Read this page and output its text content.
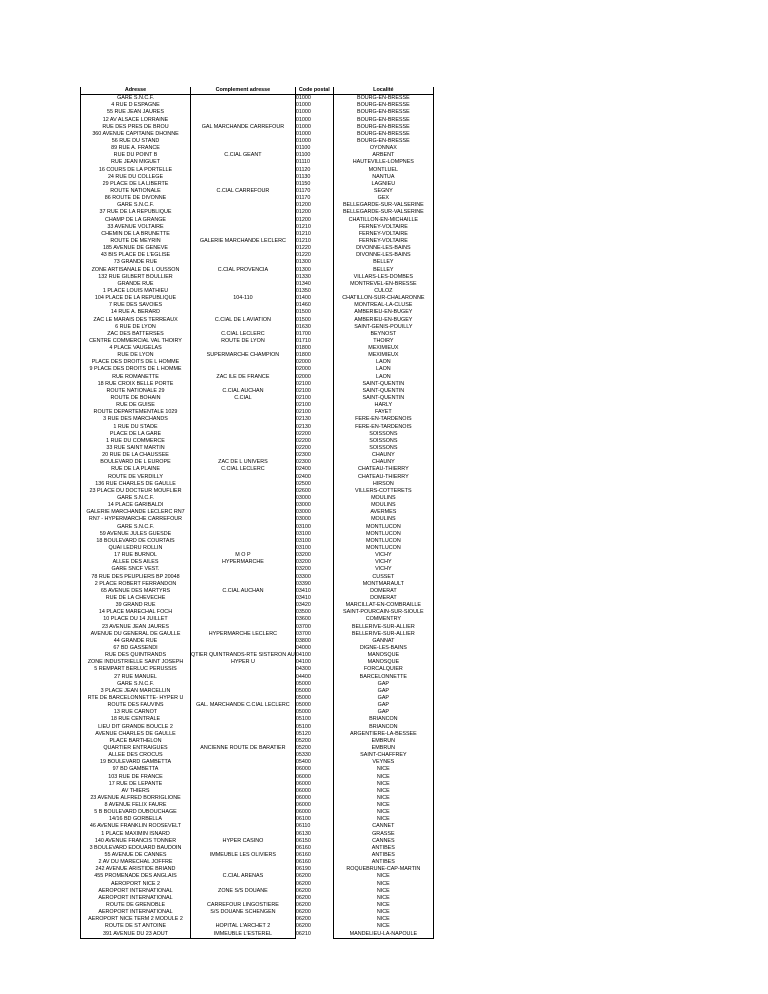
Adresse	Complement adresse	Code postal		Localité
GARE S.N.C.F.		01000		BOURG-EN-BRESSE
4 RUE D ESPAGNE		01000		BOURG-EN-BRESSE
55 RUE JEAN JAURES		01000		BOURG-EN-BRESSE
12 AV ALSACE LORRAINE		01000		BOURG-EN-BRESSE
RUE DES PRES DE BROU	GAL MARCHANDE CARREFOUR	01000		BOURG-EN-BRESSE
360 AVENUE CAPITAINE DHONNE		01000		BOURG-EN-BRESSE
56 RUE DU STAND		01000		BOURG-EN-BRESSE
89 RUE A. FRANCE		01100		OYONNAX
RUE DU POINT B	C.CIAL GEANT	01100		ARBENT
RUE JEAN MIGUET		01110		HAUTEVILLE-LOMPNES
16 COURS DE LA PORTELLE		01120		MONTLUEL
24 RUE DU COLLEGE		01130		NANTUA
29 PLACE DE LA LIBERTE		01150		LAGNIEU
ROUTE NATIONALE	C.CIAL CARREFOUR	01170		SEGNY
86 ROUTE DE DIVONNE		01170		GEX
GARE S.N.C.F.		01200		BELLEGARDE-SUR-VALSERINE
37 RUE DE LA REPUBLIQUE		01200		BELLEGARDE-SUR-VALSERINE
CHAMP DE LA GRANGE		01200		CHATILLON-EN-MICHAILLE
33 AVENUE VOLTAIRE		01210		FERNEY-VOLTAIRE
CHEMIN DE LA BRUNETTE		01210		FERNEY-VOLTAIRE
ROUTE DE MEYRIN	GALERIE MARCHANDE LECLERC	01210		FERNEY-VOLTAIRE
185 AVENUE DE GENEVE		01220		DIVONNE-LES-BAINS
43 BIS PLACE DE L'EGLISE		01220		DIVONNE-LES-BAINS
73 GRANDE RUE		01300		BELLEY
ZONE ARTISANALE DE L OUSSON	C.CIAL PROVENCIA	01300		BELLEY
132 RUE GILBERT BOULLIER		01330		VILLARS-LES-DOMBES
GRANDE RUE		01340		MONTREVEL-EN-BRESSE
1 PLACE LOUIS MATHIEU		01350		CULOZ
104 PLACE DE LA REPUBLIQUE	104-110	01400		CHATILLON-SUR-CHALARONNE
7 RUE DES SAVOIES		01460		MONTREAL-LA-CLUSE
14 RUE A. BERARD		01500		AMBERIEU-EN-BUGEY
ZAC LE MARAIS DES TERREAUX	C.CIAL DE L AVIATION	01500		AMBERIEU-EN-BUGEY
6 RUE DE LYON		01630		SAINT-GENIS-POUILLY
ZAC DES BATTERSES	C.CIAL LECLERC	01700		BEYNOST
CENTRE COMMERCIAL VAL THOIRY	ROUTE DE LYON	01710		THOIRY
4 PLACE VAUGELAS		01800		MEXIMIEUX
RUE DE LYON	SUPERMARCHE CHAMPION	01800		MEXIMIEUX
PLACE DES DROITS DE L HOMME		02000		LAON
9 PLACE DES DROITS DE L HOMME		02000		LAON
RUE ROMANETTE	ZAC ILE DE FRANCE	02000		LAON
18 RUE CROIX BELLE PORTE		02100		SAINT-QUENTIN
ROUTE NATIONALE 29	C.CIAL AUCHAN	02100		SAINT-QUENTIN
ROUTE DE BOHAIN	C.CIAL	02100		SAINT-QUENTIN
RUE DE GUISE		02100		HARLY
ROUTE DEPARTEMENTALE 1029		02100		FAYET
3 RUE DES MARCHANDS		02130		FERE-EN-TARDENOIS
1 RUE DU STADE		02130		FERE-EN-TARDENOIS
PLACE DE LA GARE		02200		SOISSONS
1 RUE DU COMMERCE		02200		SOISSONS
33 RUE SAINT MARTIN		02200		SOISSONS
20 RUE DE LA CHAUSSEE		02300		CHAUNY
BOULEVARD DE L EUROPE	ZAC DE L UNIVERS	02300		CHAUNY
RUE DE LA PLAINE	C.CIAL LECLERC	02400		CHATEAU-THIERRY
ROUTE DE VERDILLY		02400		CHATEAU-THIERRY
136 RUE CHARLES DE GAULLE		02500		HIRSON
23 PLACE DU DOCTEUR MOUFLIER		02600		VILLERS-COTTERETS
GARE S.N.C.F.		03000		MOULINS
14 PLACE GARIBALDI		03000		MOULINS
GALERIE MARCHANDE LECLERC RN7		03000		AVERMES
RN7 - HYPERMARCHE CARREFOUR		03000		MOULINS
GARE S.N.C.F.		03100		MONTLUCON
59 AVENUE JULES GUESDE		03100		MONTLUCON
18 BOULEVARD DE COURTAIS		03100		MONTLUCON
QUAI LEDRU ROLLIN		03100		MONTLUCON
17 RUE BURNOL	M O P	03200		VICHY
ALLEE DES AILES	HYPERMARCHE	03200		VICHY
GARE SNCF VEST.		03200		VICHY
78 RUE DES PEUPLIERS BP 20048		03300		CUSSET
2 PLACE ROBERT FERRANDON		03390		MONTMARAULT
65 AVENUE DES MARTYRS	C.CIAL AUCHAN	03410		DOMERAT
RUE DE LA CHEVECHE		03410		DOMERAT
39 GRAND RUE		03420		MARCILLAT-EN-COMBRAILLE
14 PLACE MARECHAL FOCH		03500		SAINT-POURCAIN-SUR-SIOULE
10 PLACE DU 14 JUILLET		03600		COMMENTRY
23 AVENUE JEAN JAURES		03700		BELLERIVE-SUR-ALLIER
AVENUE DU GENERAL DE GAULLE	HYPERMARCHE LECLERC	03700		BELLERIVE-SUR-ALLIER
44 GRANDE RUE		03800		GANNAT
67 BD GASSENDI		04000		DIGNE-LES-BAINS
RUE DES QUINTRANDS	QTIER QUINTRANDS-RTE SISTERON AU	04100		MANOSQUE
ZONE INDUSTRIELLE SAINT JOSEPH	HYPER U	04100		MANOSQUE
5 REMPART BERLUC PERUSSIS		04300		FORCALQUIER
27 RUE MANUEL		04400		BARCELONNETTE
GARE S.N.C.F.		05000		GAP
3 PLACE JEAN MARCELLIN		05000		GAP
RTE DE BARCELONNETTE- HYPER U		05000		GAP
ROUTE DES FAUVINS	GAL. MARCHANDE C.CIAL LECLERC	05000		GAP
13 RUE CARNOT		05000		GAP
18 RUE CENTRALE		05100		BRIANCON
LIEU DIT GRANDE BOUCLE 2		05100		BRIANCON
AVENUE CHARLES DE GAULLE		05120		ARGENTIERE-LA-BESSEE
PLACE BARTHELON		05200		EMBRUN
QUARTIER ENTRAIGUES	ANCIENNE ROUTE DE BARATIER	05200		EMBRUN
ALLEE DES CROCUS		05330		SAINT-CHAFFREY
19 BOULEVARD GAMBETTA		05400		VEYNES
97 BD GAMBETTA		06000		NICE
103 RUE DE FRANCE		06000		NICE
17 RUE DE LEPANTE		06000		NICE
AV THIERS		06000		NICE
23 AVENUE ALFRED BORRIGLIONE		06000		NICE
8 AVENUE FELIX FAURE		06000		NICE
5 B BOULEVARD DUBOUCHAGE		06000		NICE
14/16 BD GORBELLA		06100		NICE
46 AVENUE FRANKLIN ROOSEVELT		06110		CANNET
1 PLACE MAXIMIN ISNARD		06130		GRASSE
140 AVENUE FRANCIS TONNER	HYPER CASINO	06150		CANNES
3 BOULEVARD EDOUARD BAUDOIN		06160		ANTIBES
55 AVENUE DE CANNES	IMMEUBLE LES OLIVIERS	06160		ANTIBES
2 AV DU MARECHAL JOFFRE		06160		ANTIBES
242 AVENUE ARISTIDE BRIAND		06190		ROQUEBRUNE-CAP-MARTIN
455 PROMENADE DES ANGLAIS	C.CIAL ARENAS	06200		NICE
AEROPORT NICE 2		06200		NICE
AEROPORT INTERNATIONAL	ZONE S/S DOUANE	06200		NICE
AEROPORT INTERNATIONAL		06200		NICE
ROUTE DE GRENOBLE	CARREFOUR LINGOSTIERE	06200		NICE
AEROPORT INTERNATIONAL	S/S DOUANE SCHENGEN	06200		NICE
AEROPORT NICE TERM 2 MODULE 2		06200		NICE
ROUTE DE ST ANTOINE	HOPITAL L'ARCHET 2	06200		NICE
391 AVENUE DU 23 AOUT	IMMEUBLE L'ESTEREL	06210		MANDELIEU-LA-NAPOULE
